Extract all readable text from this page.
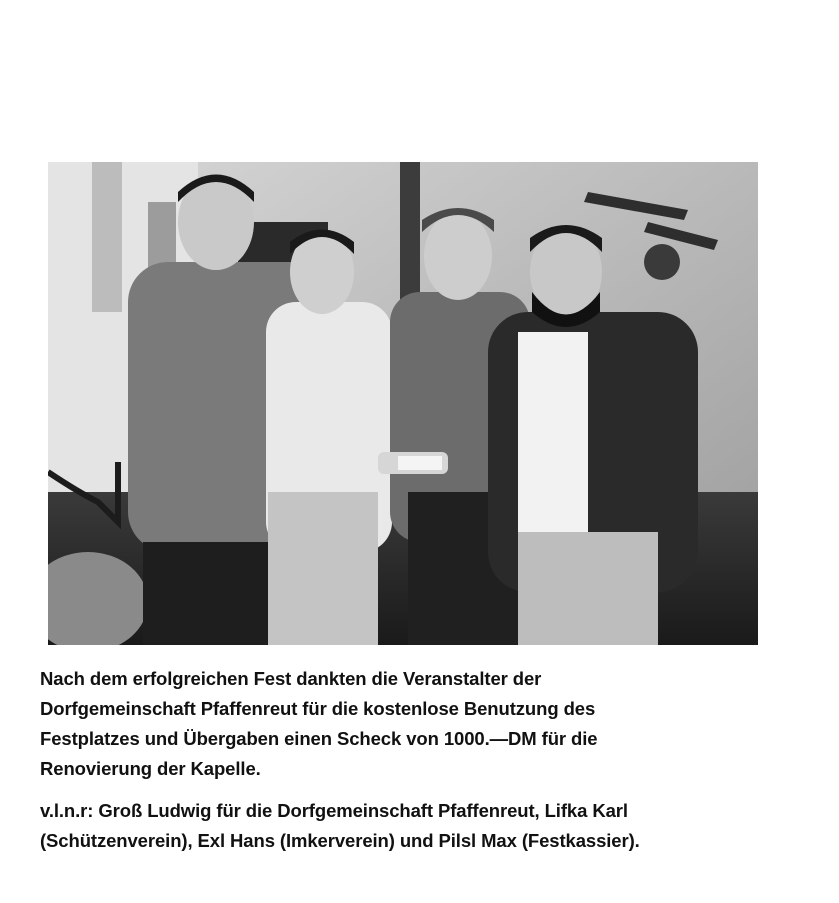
Nach dem erfolgreichen Fest dankten die Veranstalter der
Dorfgemeinschaft Pfaffenreut für die kostenlose Benutzung des
Festplatzes und Übergaben einen Scheck von 1000.—DM für die
Renovierung der Kapelle.

v.l.n.r: Groß Ludwig für die Dorfgemeinschaft Pfaffenreut, Lifka Karl
(Schützenverein), Exl Hans (Imkerverein) und Pilsl Max (Festkassier).
